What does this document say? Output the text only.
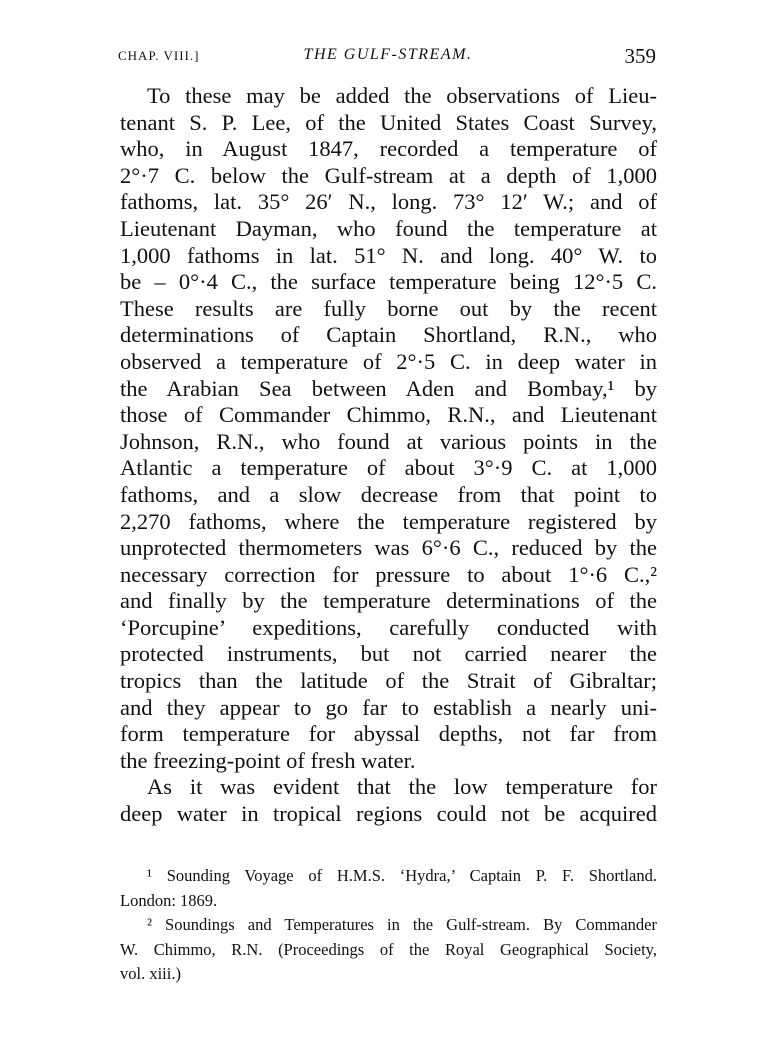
CHAP. VIII.]	THE GULF-STREAM.	359
To these may be added the observations of Lieu-
tenant S. P. Lee, of the United States Coast Survey,
who, in August 1847, recorded a temperature of
2°·7 C. below the Gulf-stream at a depth of 1,000
fathoms, lat. 35° 26′ N., long. 73° 12′ W.; and of
Lieutenant Dayman, who found the temperature at
1,000 fathoms in lat. 51° N. and long. 40° W. to
be – 0°·4 C., the surface temperature being 12°·5 C.
These results are fully borne out by the recent
determinations of Captain Shortland, R.N., who
observed a temperature of 2°·5 C. in deep water in
the Arabian Sea between Aden and Bombay,¹ by
those of Commander Chimmo, R.N., and Lieutenant
Johnson, R.N., who found at various points in the
Atlantic a temperature of about 3°·9 C. at 1,000
fathoms, and a slow decrease from that point to
2,270 fathoms, where the temperature registered by
unprotected thermometers was 6°·6 C., reduced by the
necessary correction for pressure to about 1°·6 C.,²
and finally by the temperature determinations of the
‘Porcupine’ expeditions, carefully conducted with
protected instruments, but not carried nearer the
tropics than the latitude of the Strait of Gibraltar;
and they appear to go far to establish a nearly uni-
form temperature for abyssal depths, not far from
the freezing-point of fresh water.
As it was evident that the low temperature for
deep water in tropical regions could not be acquired
¹ Sounding Voyage of H.M.S. ‘Hydra,’ Captain P. F. Shortland.
London: 1869.
² Soundings and Temperatures in the Gulf-stream. By Commander
W. Chimmo, R.N. (Proceedings of the Royal Geographical Society,
vol. xiii.)
